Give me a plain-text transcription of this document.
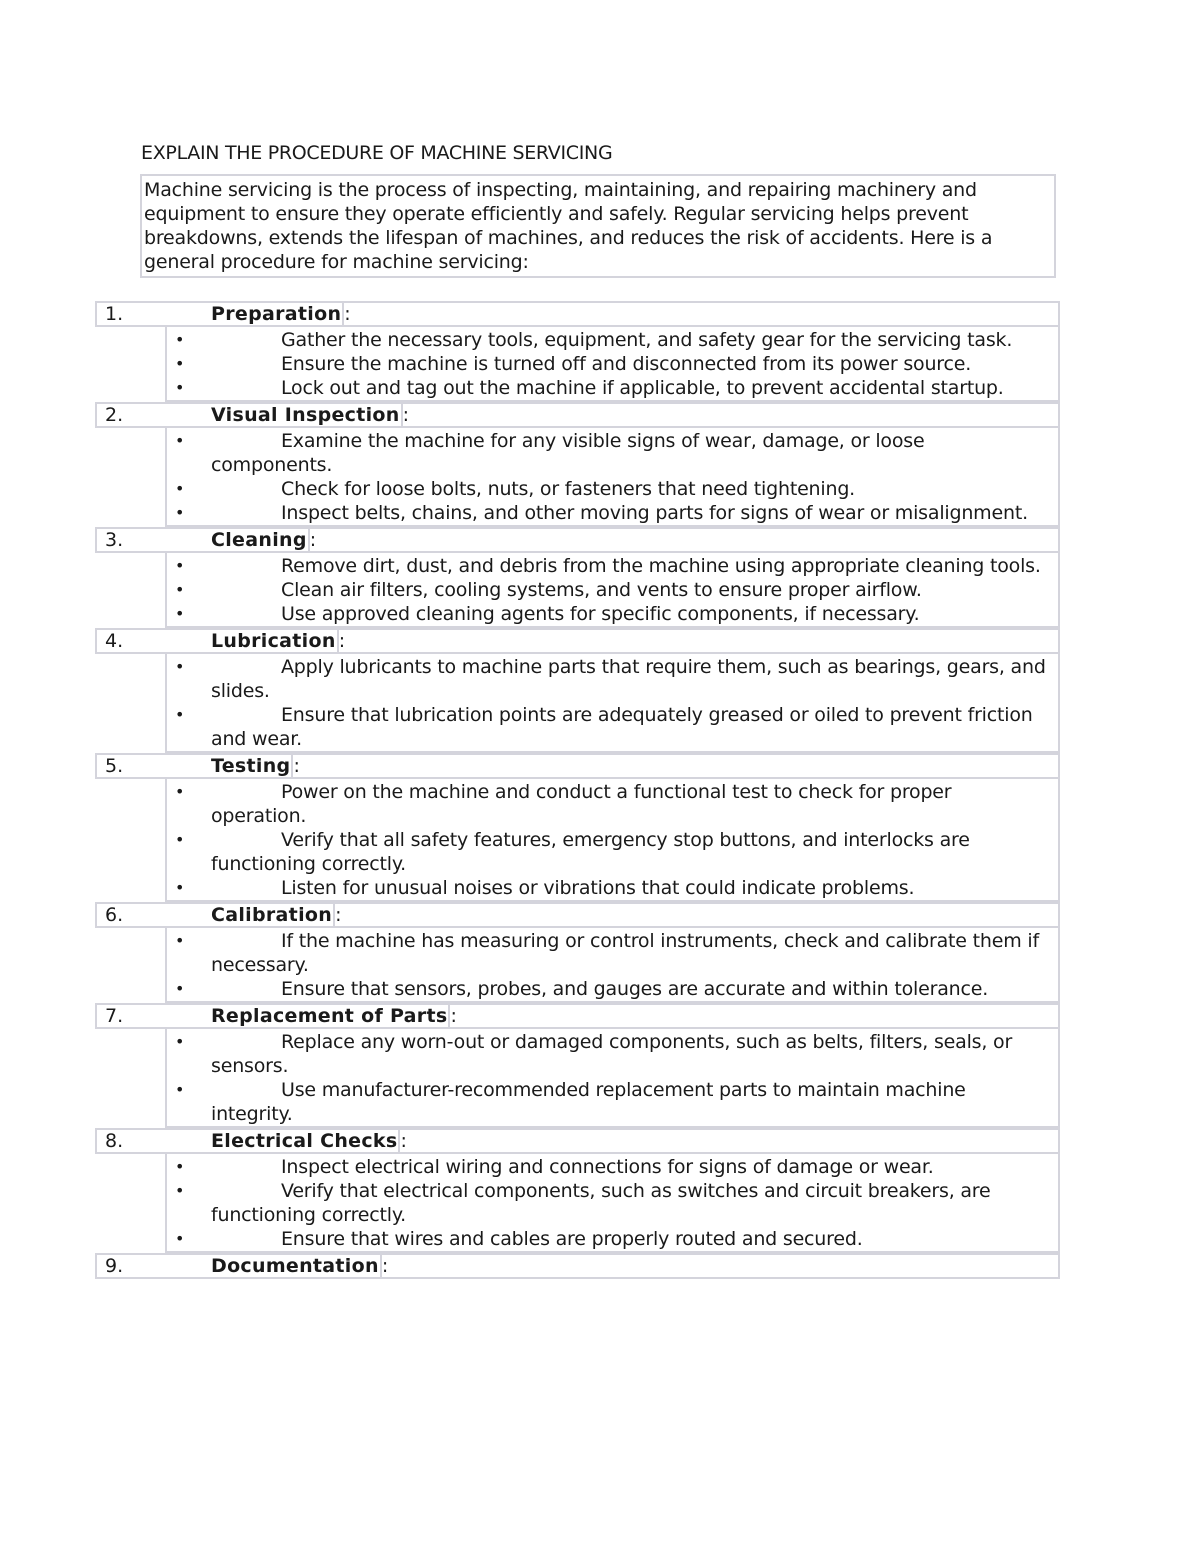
EXPLAIN THE PROCEDURE OF MACHINE SERVICING
Machine servicing is the process of inspecting, maintaining, and repairing machinery and equipment to ensure they operate efficiently and safely. Regular servicing helps prevent breakdowns, extends the lifespan of machines, and reduces the risk of accidents. Here is a general procedure for machine servicing:
1.	Preparation :
•	Gather the necessary tools, equipment, and safety gear for the servicing task.
•	Ensure the machine is turned off and disconnected from its power source.
•	Lock out and tag out the machine if applicable, to prevent accidental startup.
2.	Visual Inspection :
•	Examine the machine for any visible signs of wear, damage, or loose components.
•	Check for loose bolts, nuts, or fasteners that need tightening.
•	Inspect belts, chains, and other moving parts for signs of wear or misalignment.
3.	Cleaning :
•	Remove dirt, dust, and debris from the machine using appropriate cleaning tools.
•	Clean air filters, cooling systems, and vents to ensure proper airflow.
•	Use approved cleaning agents for specific components, if necessary.
4.	Lubrication :
•	Apply lubricants to machine parts that require them, such as bearings, gears, and slides.
•	Ensure that lubrication points are adequately greased or oiled to prevent friction and wear.
5.	Testing :
•	Power on the machine and conduct a functional test to check for proper operation.
•	Verify that all safety features, emergency stop buttons, and interlocks are functioning correctly.
•	Listen for unusual noises or vibrations that could indicate problems.
6.	Calibration :
•	If the machine has measuring or control instruments, check and calibrate them if necessary.
•	Ensure that sensors, probes, and gauges are accurate and within tolerance.
7.	Replacement of Parts :
•	Replace any worn-out or damaged components, such as belts, filters, seals, or sensors.
•	Use manufacturer-recommended replacement parts to maintain machine integrity.
8.	Electrical Checks :
•	Inspect electrical wiring and connections for signs of damage or wear.
•	Verify that electrical components, such as switches and circuit breakers, are functioning correctly.
•	Ensure that wires and cables are properly routed and secured.
9.	Documentation :
